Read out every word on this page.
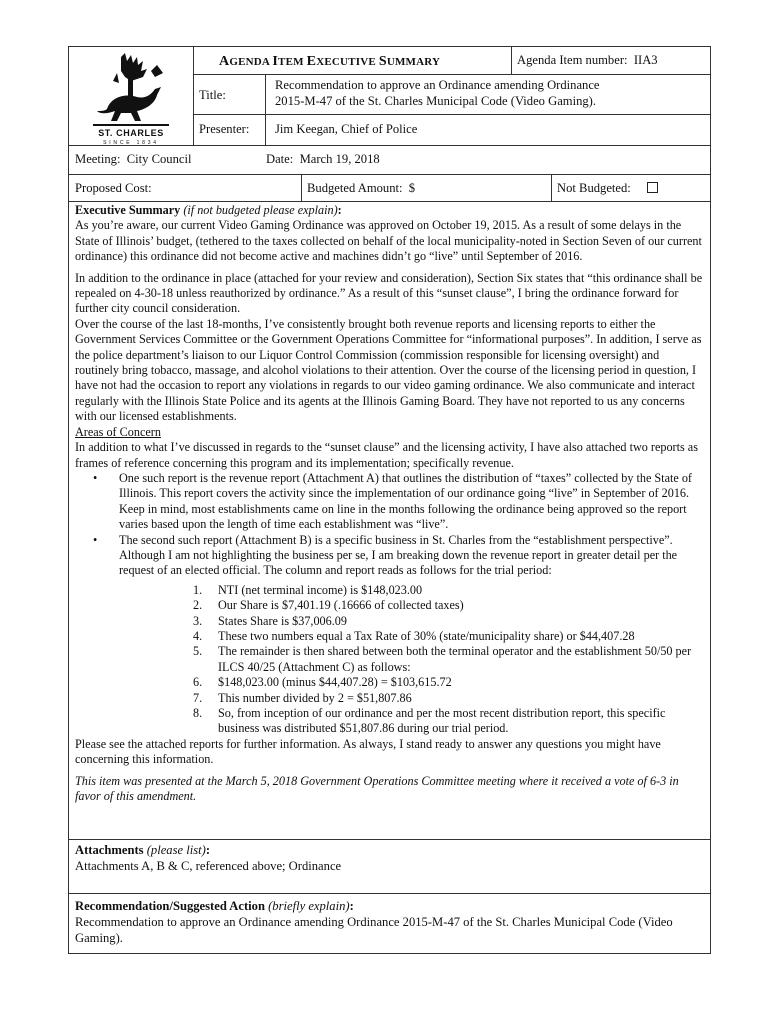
ST. CHARLES
SINCE 1834
AGENDA ITEM EXECUTIVE SUMMARY	Agenda Item number: IIA3
Title:
Recommendation to approve an Ordinance amending Ordinance
2015-M-47 of the St. Charles Municipal Code (Video Gaming).
Presenter: Jim Keegan, Chief of Police
Meeting: City Council	Date: March 19, 2018
Proposed Cost:	Budgeted Amount: $	Not Budgeted:

Executive Summary (if not budgeted please explain):

As you’re aware, our current Video Gaming Ordinance was approved on October 19, 2015. As a result of some delays in the State of Illinois’ budget, (tethered to the taxes collected on behalf of the local municipality-noted in Section Seven of our current ordinance) this ordinance did not become active and machines didn’t go “live” until September of 2016.

In addition to the ordinance in place (attached for your review and consideration), Section Six states that “this ordinance shall be repealed on 4-30-18 unless reauthorized by ordinance.” As a result of this “sunset clause”, I bring the ordinance forward for further city council consideration.

Over the course of the last 18-months, I’ve consistently brought both revenue reports and licensing reports to either the Government Services Committee or the Government Operations Committee for “informational purposes”. In addition, I serve as the police department’s liaison to our Liquor Control Commission (commission responsible for licensing oversight) and routinely bring tobacco, massage, and alcohol violations to their attention. Over the course of the licensing period in question, I have not had the occasion to report any violations in regards to our video gaming ordinance. We also communicate and interact regularly with the Illinois State Police and its agents at the Illinois Gaming Board. They have not reported to us any concerns with our licensed establishments.

Areas of Concern

In addition to what I’ve discussed in regards to the “sunset clause” and the licensing activity, I have also attached two reports as frames of reference concerning this program and its implementation; specifically revenue.

• One such report is the revenue report (Attachment A) that outlines the distribution of “taxes” collected by the State of Illinois. This report covers the activity since the implementation of our ordinance going “live” in September of 2016. Keep in mind, most establishments came on line in the months following the ordinance being approved so the report varies based upon the length of time each establishment was “live”.
• The second such report (Attachment B) is a specific business in St. Charles from the “establishment perspective”. Although I am not highlighting the business per se, I am breaking down the revenue report in greater detail per the request of an elected official. The column and report reads as follows for the trial period:
1. NTI (net terminal income) is $148,023.00
2. Our Share is $7,401.19 (.16666 of collected taxes)
3. States Share is $37,006.09
4. These two numbers equal a Tax Rate of 30% (state/municipality share) or $44,407.28
5. The remainder is then shared between both the terminal operator and the establishment 50/50 per ILCS 40/25 (Attachment C) as follows:
6. $148,023.00 (minus $44,407.28) = $103,615.72
7. This number divided by 2 = $51,807.86
8. So, from inception of our ordinance and per the most recent distribution report, this specific business was distributed $51,807.86 during our trial period.

Please see the attached reports for further information. As always, I stand ready to answer any questions you might have concerning this information.

This item was presented at the March 5, 2018 Government Operations Committee meeting where it received a vote of 6-3 in favor of this amendment.

Attachments (please list):
Attachments A, B & C, referenced above; Ordinance
Recommendation/Suggested Action (briefly explain):
Recommendation to approve an Ordinance amending Ordinance 2015-M-47 of the St. Charles Municipal Code (Video Gaming).
